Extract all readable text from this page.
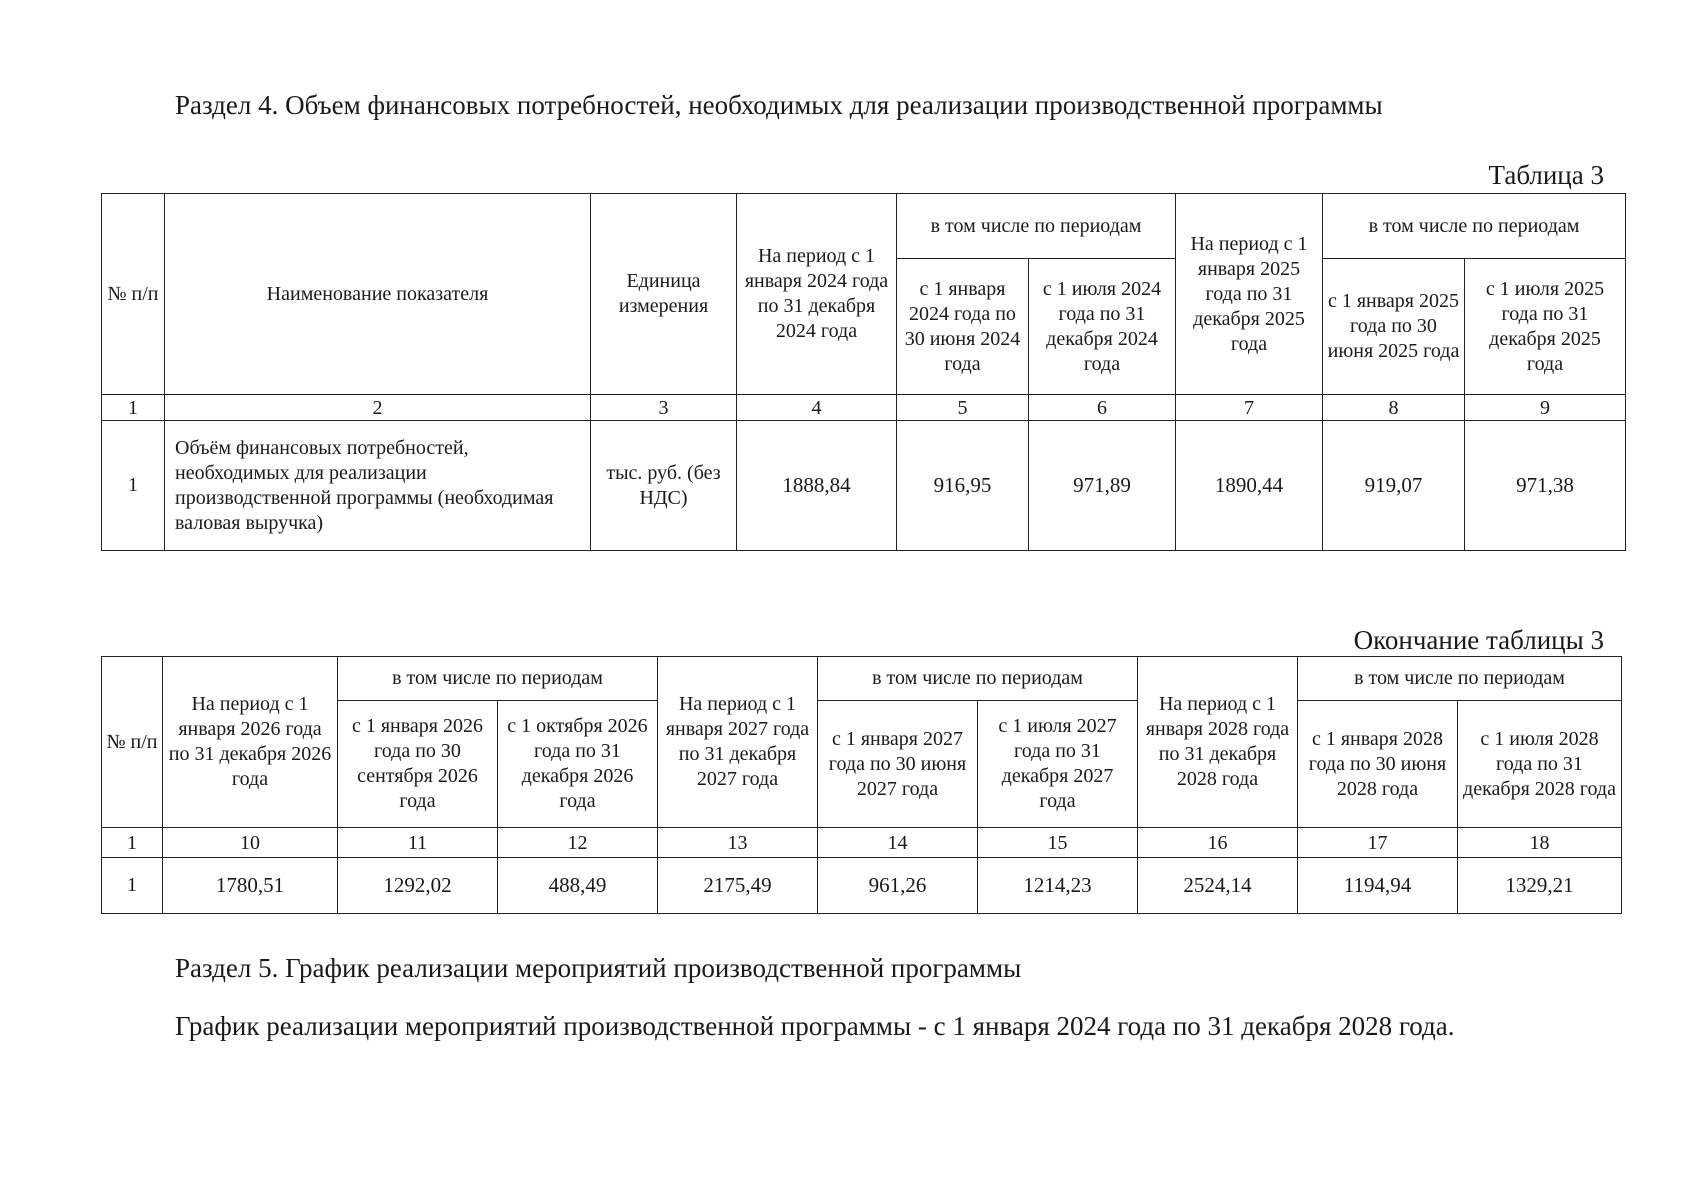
Раздел 4. Объем финансовых потребностей, необходимых для реализации производственной программы
Таблица 3
№ п/п	Наименование показателя	Единица измерения	На период с 1 января 2024 года по 31 декабря 2024 года	в том числе по периодам		На период с 1 января 2025 года по 31 декабря 2025 года	в том числе по периодам	
				с 1 января 2024 года по 30 июня 2024 года	с 1 июля 2024 года по 31 декабря 2024 года		с 1 января 2025 года по 30 июня 2025 года	с 1 июля 2025 года по 31 декабря 2025 года
1	2	3	4	5	6	7	8	9
1	Объём финансовых потребностей, необходимых для реализации производственной программы (необходимая валовая выручка)	тыс. руб. (без НДС)	1888,84	916,95	971,89	1890,44	919,07	971,38
Окончание таблицы 3
№ п/п	На период с 1 января 2026 года по 31 декабря 2026 года	в том числе по периодам		На период с 1 января 2027 года по 31 декабря 2027 года	в том числе по периодам		На период с 1 января 2028 года по 31 декабря 2028 года	в том числе по периодам	
		с 1 января 2026 года по 30 сентября 2026 года	с 1 октября 2026 года по 31 декабря 2026 года		с 1 января 2027 года по 30 июня 2027 года	с 1 июля 2027 года по 31 декабря 2027 года		с 1 января 2028 года по 30 июня 2028 года	с 1 июля 2028 года по 31 декабря 2028 года
1	10	11	12	13	14	15	16	17	18
1	1780,51	1292,02	488,49	2175,49	961,26	1214,23	2524,14	1194,94	1329,21
Раздел 5. График реализации мероприятий производственной программы
График реализации мероприятий производственной программы - с 1 января 2024 года по 31 декабря 2028 года.
